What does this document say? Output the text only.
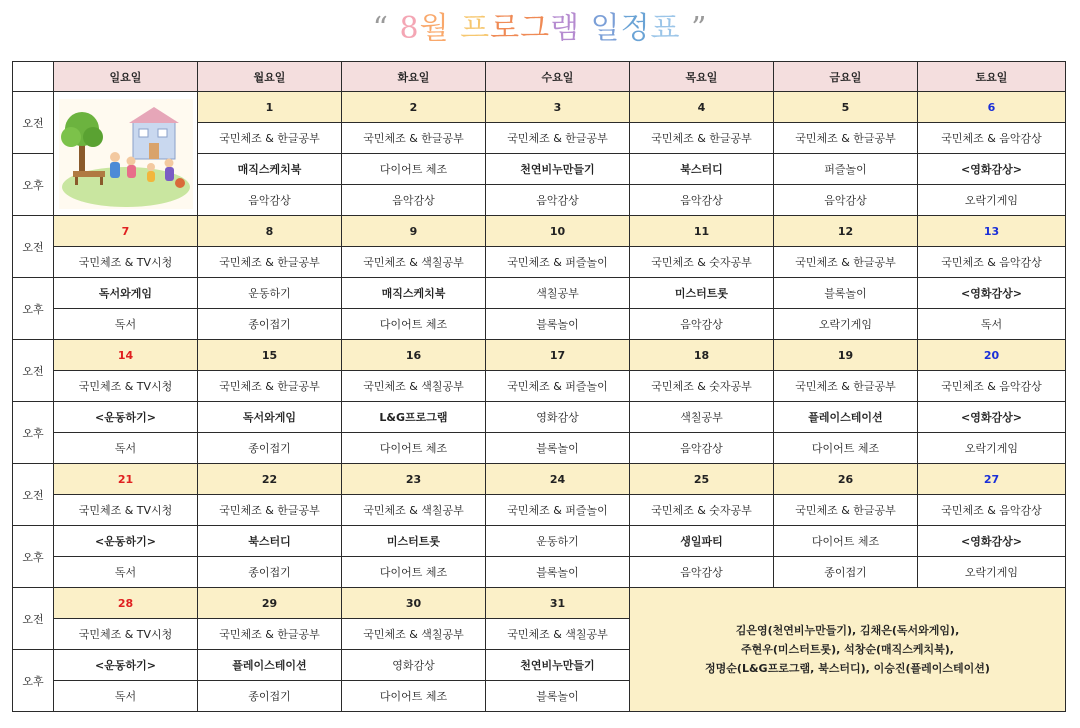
“ 8월 프로그램 일정표 ”
	일요일	월요일	화요일	수요일	목요일	금요일	토요일
오전		1	2	3	4	5	6
		국민체조 & 한글공부	국민체조 & 한글공부	국민체조 & 한글공부	국민체조 & 한글공부	국민체조 & 한글공부	국민체조 & 음악감상
오후		매직스케치북	다이어트 체조	천연비누만들기	북스터디	퍼즐놀이	<영화감상>
		음악감상	음악감상	음악감상	음악감상	음악감상	오락기게임
오전	7	8	9	10	11	12	13
	국민체조 & TV시청	국민체조 & 한글공부	국민체조 & 색칠공부	국민체조 & 퍼즐놀이	국민체조 & 숫자공부	국민체조 & 한글공부	국민체조 & 음악감상
오후	독서와게임	운동하기	매직스케치북	색칠공부	미스터트롯	블록놀이	<영화감상>
	독서	종이접기	다이어트 체조	블록놀이	음악감상	오락기게임	독서
오전	14	15	16	17	18	19	20
	국민체조 & TV시청	국민체조 & 한글공부	국민체조 & 색칠공부	국민체조 & 퍼즐놀이	국민체조 & 숫자공부	국민체조 & 한글공부	국민체조 & 음악감상
오후	<운동하기>	독서와게임	L&G프로그램	영화감상	색칠공부	플레이스테이션	<영화감상>
	독서	종이접기	다이어트 체조	블록놀이	음악감상	다이어트 체조	오락기게임
오전	21	22	23	24	25	26	27
	국민체조 & TV시청	국민체조 & 한글공부	국민체조 & 색칠공부	국민체조 & 퍼즐놀이	국민체조 & 숫자공부	국민체조 & 한글공부	국민체조 & 음악감상
오후	<운동하기>	북스터디	미스터트롯	운동하기	생일파티	다이어트 체조	<영화감상>
	독서	종이접기	다이어트 체조	블록놀이	음악감상	종이접기	오락기게임
오전	28	29	30	31	김은영(천연비누만들기), 김채은(독서와게임),
주현우(미스터트롯), 석창순(매직스케치북),
정명순(L&G프로그램, 북스터디), 이승진(플레이스테이션)		

	국민체조 & TV시청	국민체조 & 한글공부	국민체조 & 색칠공부	국민체조 & 색칠공부			
오후	<운동하기>	플레이스테이션	영화감상	천연비누만들기			
	독서	종이접기	다이어트 체조	블록놀이			
